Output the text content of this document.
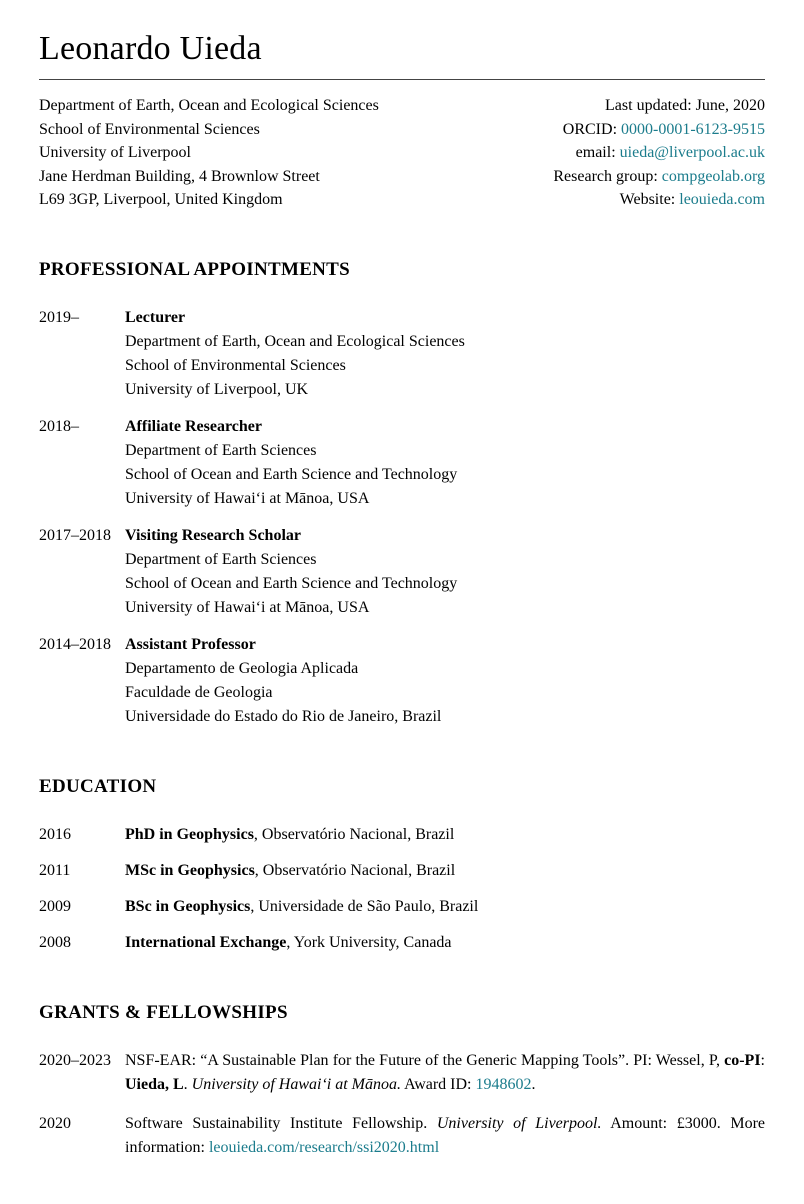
Leonardo Uieda
Department of Earth, Ocean and Ecological Sciences
School of Environmental Sciences
University of Liverpool
Jane Herdman Building, 4 Brownlow Street
L69 3GP, Liverpool, United Kingdom
Last updated: June, 2020
ORCID: 0000-0001-6123-9515
email: uieda@liverpool.ac.uk
Research group: compgeolab.org
Website: leouieda.com
PROFESSIONAL APPOINTMENTS
2019–	Lecturer
Department of Earth, Ocean and Ecological Sciences
School of Environmental Sciences
University of Liverpool, UK
2018–	Affiliate Researcher
Department of Earth Sciences
School of Ocean and Earth Science and Technology
University of Hawaiʻi at Mānoa, USA
2017–2018 Visiting Research Scholar
Department of Earth Sciences
School of Ocean and Earth Science and Technology
University of Hawaiʻi at Mānoa, USA
2014–2018 Assistant Professor
Departamento de Geologia Aplicada
Faculdade de Geologia
Universidade do Estado do Rio de Janeiro, Brazil
EDUCATION
2016	PhD in Geophysics, Observatório Nacional, Brazil
2011	MSc in Geophysics, Observatório Nacional, Brazil
2009	BSc in Geophysics, Universidade de São Paulo, Brazil
2008	International Exchange, York University, Canada
GRANTS & FELLOWSHIPS
2020–2023 NSF-EAR: “A Sustainable Plan for the Future of the Generic Mapping Tools”. PI: Wessel, P, co-PI: Uieda, L. University of Hawaiʻi at Mānoa. Award ID: 1948602.
2020	Software Sustainability Institute Fellowship. University of Liverpool. Amount: £3000. More information: leouieda.com/research/ssi2020.html
